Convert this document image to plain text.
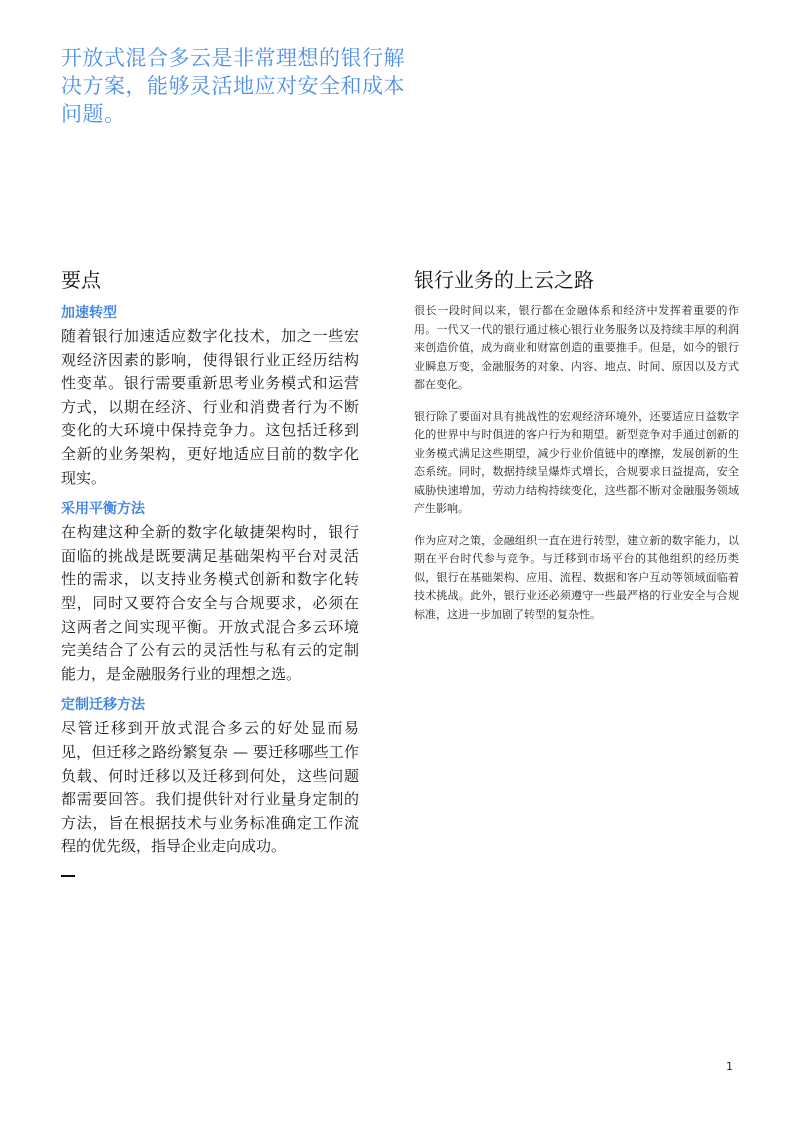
开放式混合多云是非常理想的银行解决方案，能够灵活地应对安全和成本问题。
要点
加速转型

随着银行加速适应数字化技术，加之一些宏观经济因素的影响，使得银行业正经历结构性变革。银行需要重新思考业务模式和运营方式，以期在经济、行业和消费者行为不断变化的大环境中保持竞争力。这包括迁移到全新的业务架构，更好地适应目前的数字化现实。

采用平衡方法

在构建这种全新的数字化敏捷架构时，银行面临的挑战是既要满足基础架构平台对灵活性的需求，以支持业务模式创新和数字化转型，同时又要符合安全与合规要求，必须在这两者之间实现平衡。开放式混合多云环境完美结合了公有云的灵活性与私有云的定制能力，是金融服务行业的理想之选。

定制迁移方法

尽管迁移到开放式混合多云的好处显而易见，但迁移之路纷繁复杂 — 要迁移哪些工作负载、何时迁移以及迁移到何处，这些问题都需要回答。我们提供针对行业量身定制的方法，旨在根据技术与业务标准确定工作流程的优先级，指导企业走向成功。

银行业务的上云之路

很长一段时间以来，银行都在金融体系和经济中发挥着重要的作用。一代又一代的银行通过核心银行业务服务以及持续丰厚的利润来创造价值，成为商业和财富创造的重要推手。但是，如今的银行业瞬息万变，金融服务的对象、内容、地点、时间、原因以及方式都在变化。

银行除了要面对具有挑战性的宏观经济环境外，还要适应日益数字化的世界中与时俱进的客户行为和期望。新型竞争对手通过创新的业务模式满足这些期望，减少行业价值链中的摩擦，发展创新的生态系统。同时，数据持续呈爆炸式增长，合规要求日益提高，安全威胁快速增加，劳动力结构持续变化，这些都不断对金融服务领域产生影响。

作为应对之策，金融组织一直在进行转型，建立新的数字能力，以期在平台时代参与竞争。与迁移到市场平台的其他组织的经历类似，银行在基础架构、应用、流程、数据和客户互动等领域面临着技术挑战。此外，银行业还必须遵守一些最严格的行业安全与合规标准，这进一步加剧了转型的复杂性。

1
